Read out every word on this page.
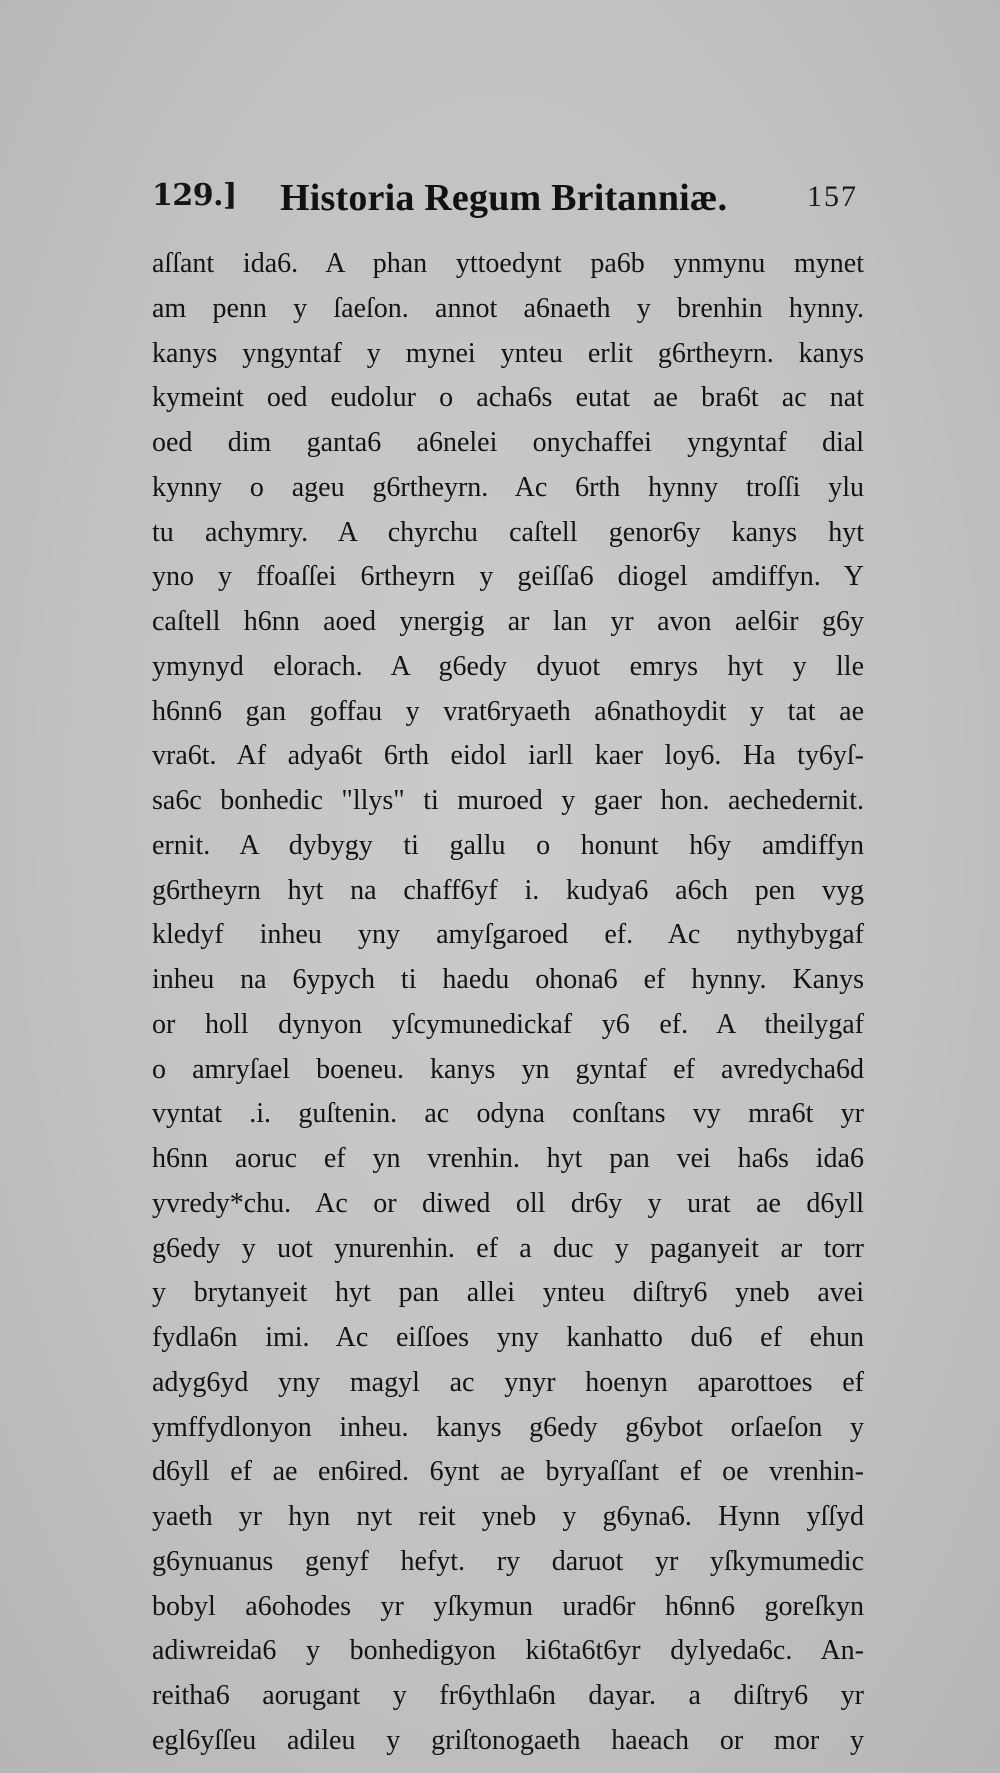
129.] Historia Regum Britanniæ.	157
aſſant ida6. A phan yttoedynt pa6b ynmynu mynet
am penn y ſaeſon. annot a6naeth y brenhin hynny.
kanys yngyntaf y mynei ynteu erlit g6rtheyrn. kanys
kymeint oed eudolur o acha6s eutat ae bra6t ac nat
oed dim ganta6 a6nelei onychaffei yngyntaf dial
kynny o ageu g6rtheyrn. Ac 6rth hynny troſſi ylu
tu achymry. A chyrchu caſtell genor6y kanys hyt
yno y ffoaſſei 6rtheyrn y geiſſa6 diogel amdiffyn. Y
caſtell h6nn aoed ynergig ar lan yr avon ael6ir g6y
ymynyd elorach. A g6edy dyuot emrys hyt y lle
h6nn6 gan goffau y vrat6ryaeth a6nathoydit y tat ae
vra6t. Af adya6t 6rth eidol iarll kaer loy6. Ha ty6yſ-
sa6c bonhedic "llys" ti muroed y gaer hon. aechedernit.
ernit. A dybygy ti gallu o honunt h6y amdiffyn
g6rtheyrn hyt na chaff6yf i. kudya6 a6ch pen vyg
kledyf inheu yny amyſgaroed ef. Ac nythybygaf
inheu na 6ypych ti haedu ohona6 ef hynny. Kanys
or holl dynyon yſcymunedickaf y6 ef. A theilygaf
o amryſael boeneu. kanys yn gyntaf ef avredycha6d
vyntat .i. guſtenin. ac odyna conſtans vy mra6t yr
h6nn aoruc ef yn vrenhin. hyt pan vei ha6s ida6
yvredy*chu. Ac or diwed oll dr6y y urat ae d6yll
g6edy y uot ynurenhin. ef a duc y paganyeit ar torr
y brytanyeit hyt pan allei ynteu diſtry6 yneb avei
fydla6n imi. Ac eiſſoes yny kanhatto du6 ef ehun
adyg6yd yny magyl ac ynyr hoenyn aparottoes ef
ymffydlonyon inheu. kanys g6edy g6ybot orſaeſon y
d6yll ef ae en6ired. 6ynt ae byryaſſant ef oe vrenhin-
yaeth yr hyn nyt reit yneb y g6yna6. Hynn yſſyd
g6ynuanus genyf hefyt. ry daruot yr yſkymumedic
bobyl a6ohodes yr yſkymun urad6r h6nn6 goreſkyn
adiwreida6 y bonhedigyon ki6ta6t6yr dylyeda6c. An-
reitha6 aorugant y fr6ythla6n dayar. a diſtry6 yr
egl6yſſeu adileu y griſtonogaeth haeach or mor y
